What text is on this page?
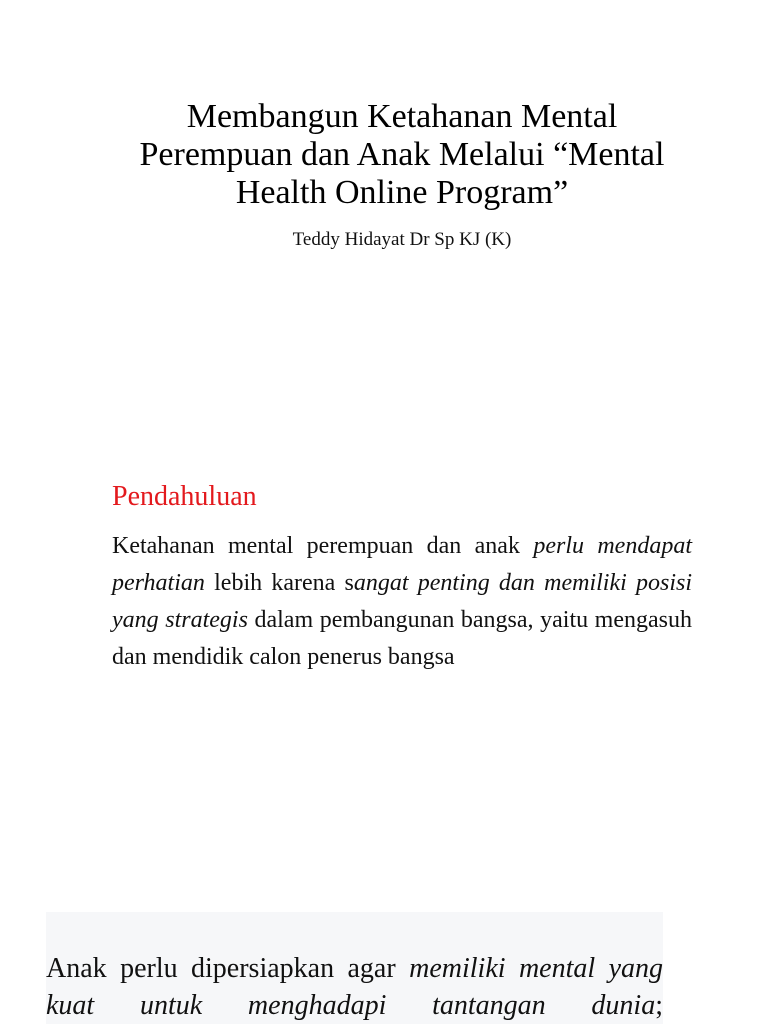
Membangun Ketahanan Mental
Perempuan dan Anak Melalui “Mental
Health Online Program”
Teddy Hidayat Dr Sp KJ (K)
Pendahuluan

Ketahanan mental perempuan dan anak perlu mendapat perhatian lebih karena sangat penting dan memiliki posisi yang strategis dalam pembangunan bangsa, yaitu mengasuh dan mendidik calon penerus bangsa

Anak perlu dipersiapkan agar memiliki mental yang kuat untuk menghadapi tantangan dunia;
